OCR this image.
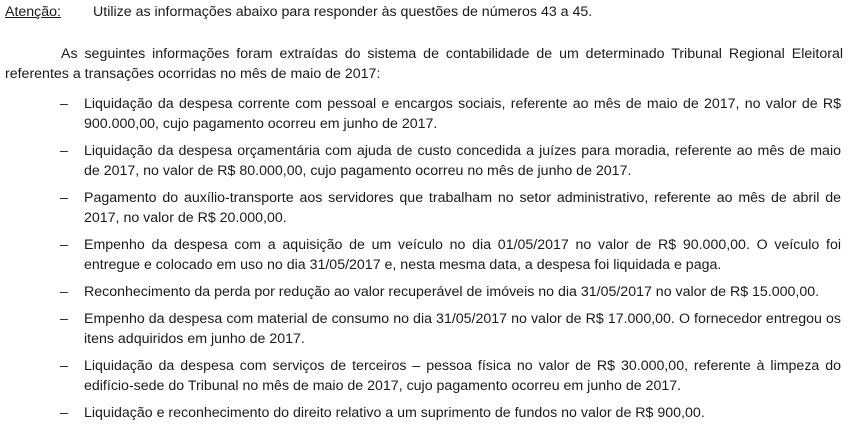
Atenção: Utilize as informações abaixo para responder às questões de números 43 a 45.

As seguintes informações foram extraídas do sistema de contabilidade de um determinado Tribunal Regional Eleitoral referentes a transações ocorridas no mês de maio de 2017:

– Liquidação da despesa corrente com pessoal e encargos sociais, referente ao mês de maio de 2017, no valor de R$ 900.000,00, cujo pagamento ocorreu em junho de 2017.
– Liquidação da despesa orçamentária com ajuda de custo concedida a juízes para moradia, referente ao mês de maio de 2017, no valor de R$ 80.000,00, cujo pagamento ocorreu no mês de junho de 2017.
– Pagamento do auxílio-transporte aos servidores que trabalham no setor administrativo, referente ao mês de abril de 2017, no valor de R$ 20.000,00.
– Empenho da despesa com a aquisição de um veículo no dia 01/05/2017 no valor de R$ 90.000,00. O veículo foi entregue e colocado em uso no dia 31/05/2017 e, nesta mesma data, a despesa foi liquidada e paga.
– Reconhecimento da perda por redução ao valor recuperável de imóveis no dia 31/05/2017 no valor de R$ 15.000,00.
– Empenho da despesa com material de consumo no dia 31/05/2017 no valor de R$ 17.000,00. O fornecedor entregou os itens adquiridos em junho de 2017.
– Liquidação da despesa com serviços de terceiros – pessoa física no valor de R$ 30.000,00, referente à limpeza do edifício-sede do Tribunal no mês de maio de 2017, cujo pagamento ocorreu em junho de 2017.
– Liquidação e reconhecimento do direito relativo a um suprimento de fundos no valor de R$ 900,00.
